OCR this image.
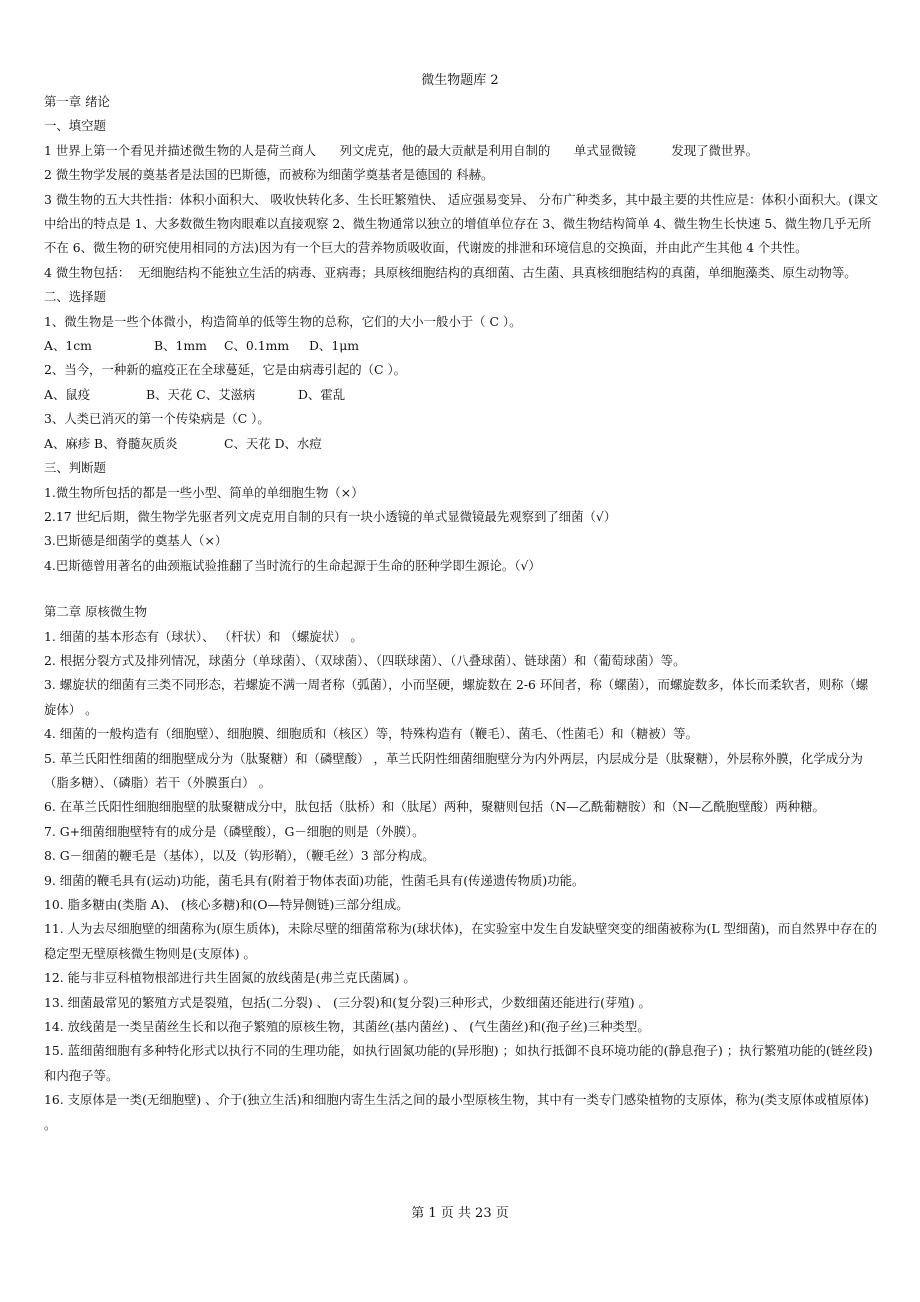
微生物题库 2

第一章 绪论

一、填空题

1 世界上第一个看见并描述微生物的人是荷兰商人      列文虎克，他的最大贡献是利用自制的      单式显微镜         发现了微世界。

2 微生物学发展的奠基者是法国的巴斯德，而被称为细菌学奠基者是德国的 科赫。

3 微生物的五大共性指：体积小面积大、 吸收快转化多、生长旺繁殖快、 适应强易变异、 分布广种类多，其中最主要的共性应是：体积小面积大。(课文中给出的特点是 1、大多数微生物肉眼难以直接观察 2、微生物通常以独立的增值单位存在 3、微生物结构简单 4、微生物生长快速 5、微生物几乎无所不在 6、微生物的研究使用相同的方法)因为有一个巨大的营养物质吸收面，代谢废的排泄和环境信息的交换面，并由此产生其他 4 个共性。

4 微生物包括：  无细胞结构不能独立生活的病毒、亚病毒；具原核细胞结构的真细菌、古生菌、具真核细胞结构的真菌，单细胞藻类、原生动物等。

二、选择题

1、微生物是一些个体微小，构造简单的低等生物的总称，它们的大小一般小于（ C ）。

A、1cm	B、1mm C、0.1mm D、1μm

2、当今，一种新的瘟疫正在全球蔓延，它是由病毒引起的（C ）。

A、鼠疫	B、天花 C、艾滋病	D、霍乱

3、人类已消灭的第一个传染病是（C ）。

A、麻疹 B、脊髓灰质炎	C、天花 D、水痘

三、判断题

1.微生物所包括的都是一些小型、简单的单细胞生物（×）

2.17 世纪后期，微生物学先驱者列文虎克用自制的只有一块小透镜的单式显微镜最先观察到了细菌（√）

3.巴斯德是细菌学的奠基人（×）

4.巴斯德曾用著名的曲颈瓶试验推翻了当时流行的生命起源于生命的胚种学即生源论。（√）

第二章 原核微生物

1. 细菌的基本形态有（球状）、 （杆状）和 （螺旋状） 。

2. 根据分裂方式及排列情况，球菌分（单球菌）、（双球菌）、（四联球菌）、（八叠球菌）、链球菌）和（葡萄球菌）等。

3. 螺旋状的细菌有三类不同形态，若螺旋不满一周者称（弧菌），小而坚硬，螺旋数在 2-6 环间者，称（螺菌），而螺旋数多，体长而柔软者，则称（螺旋体） 。

4. 细菌的一般构造有（细胞壁）、细胞膜、细胞质和（核区）等，特殊构造有（鞭毛）、菌毛、（性菌毛）和（糖被）等。

5. 革兰氏阳性细菌的细胞壁成分为（肽聚糖）和（磷壁酸） ，革兰氏阴性细菌细胞壁分为内外两层，内层成分是（肽聚糖），外层称外膜，化学成分为（脂多糖）、（磷脂）若干（外膜蛋白） 。

6. 在革兰氏阳性细胞细胞壁的肽聚糖成分中，肽包括（肽桥）和（肽尾）两种，聚糖则包括（N—乙酰葡糖胺）和（N—乙酰胞壁酸）两种糖。

7. G+细菌细胞壁特有的成分是（磷壁酸），G－细胞的则是（外膜）。

8. G－细菌的鞭毛是（基体），以及（钩形鞘），（鞭毛丝）3 部分构成。

9. 细菌的鞭毛具有(运动)功能，菌毛具有(附着于物体表面)功能，性菌毛具有(传递遗传物质)功能。

10. 脂多糖由(类脂 A)、 (核心多糖)和(O—特异侧链)三部分组成。

11. 人为去尽细胞壁的细菌称为(原生质体)，未除尽壁的细菌常称为(球状体)，在实验室中发生自发缺壁突变的细菌被称为(L 型细菌)，而自然界中存在的稳定型无壁原核微生物则是(支原体) 。

12. 能与非豆科植物根部进行共生固氮的放线菌是(弗兰克氏菌属) 。

13. 细菌最常见的繁殖方式是裂殖，包括(二分裂) 、 (三分裂)和(复分裂)三种形式，少数细菌还能进行(芽殖) 。

14. 放线菌是一类呈菌丝生长和以孢子繁殖的原核生物，其菌丝(基内菌丝) 、 (气生菌丝)和(孢子丝)三种类型。

15. 蓝细菌细胞有多种特化形式以执行不同的生理功能，如执行固氮功能的(异形胞) ；如执行抵御不良环境功能的(静息孢子) ；执行繁殖功能的(链丝段)和内孢子等。

16. 支原体是一类(无细胞壁) 、介于(独立生活)和细胞内寄生生活之间的最小型原核生物，其中有一类专门感染植物的支原体，称为(类支原体或植原体) 。

第 1 页 共 23 页
